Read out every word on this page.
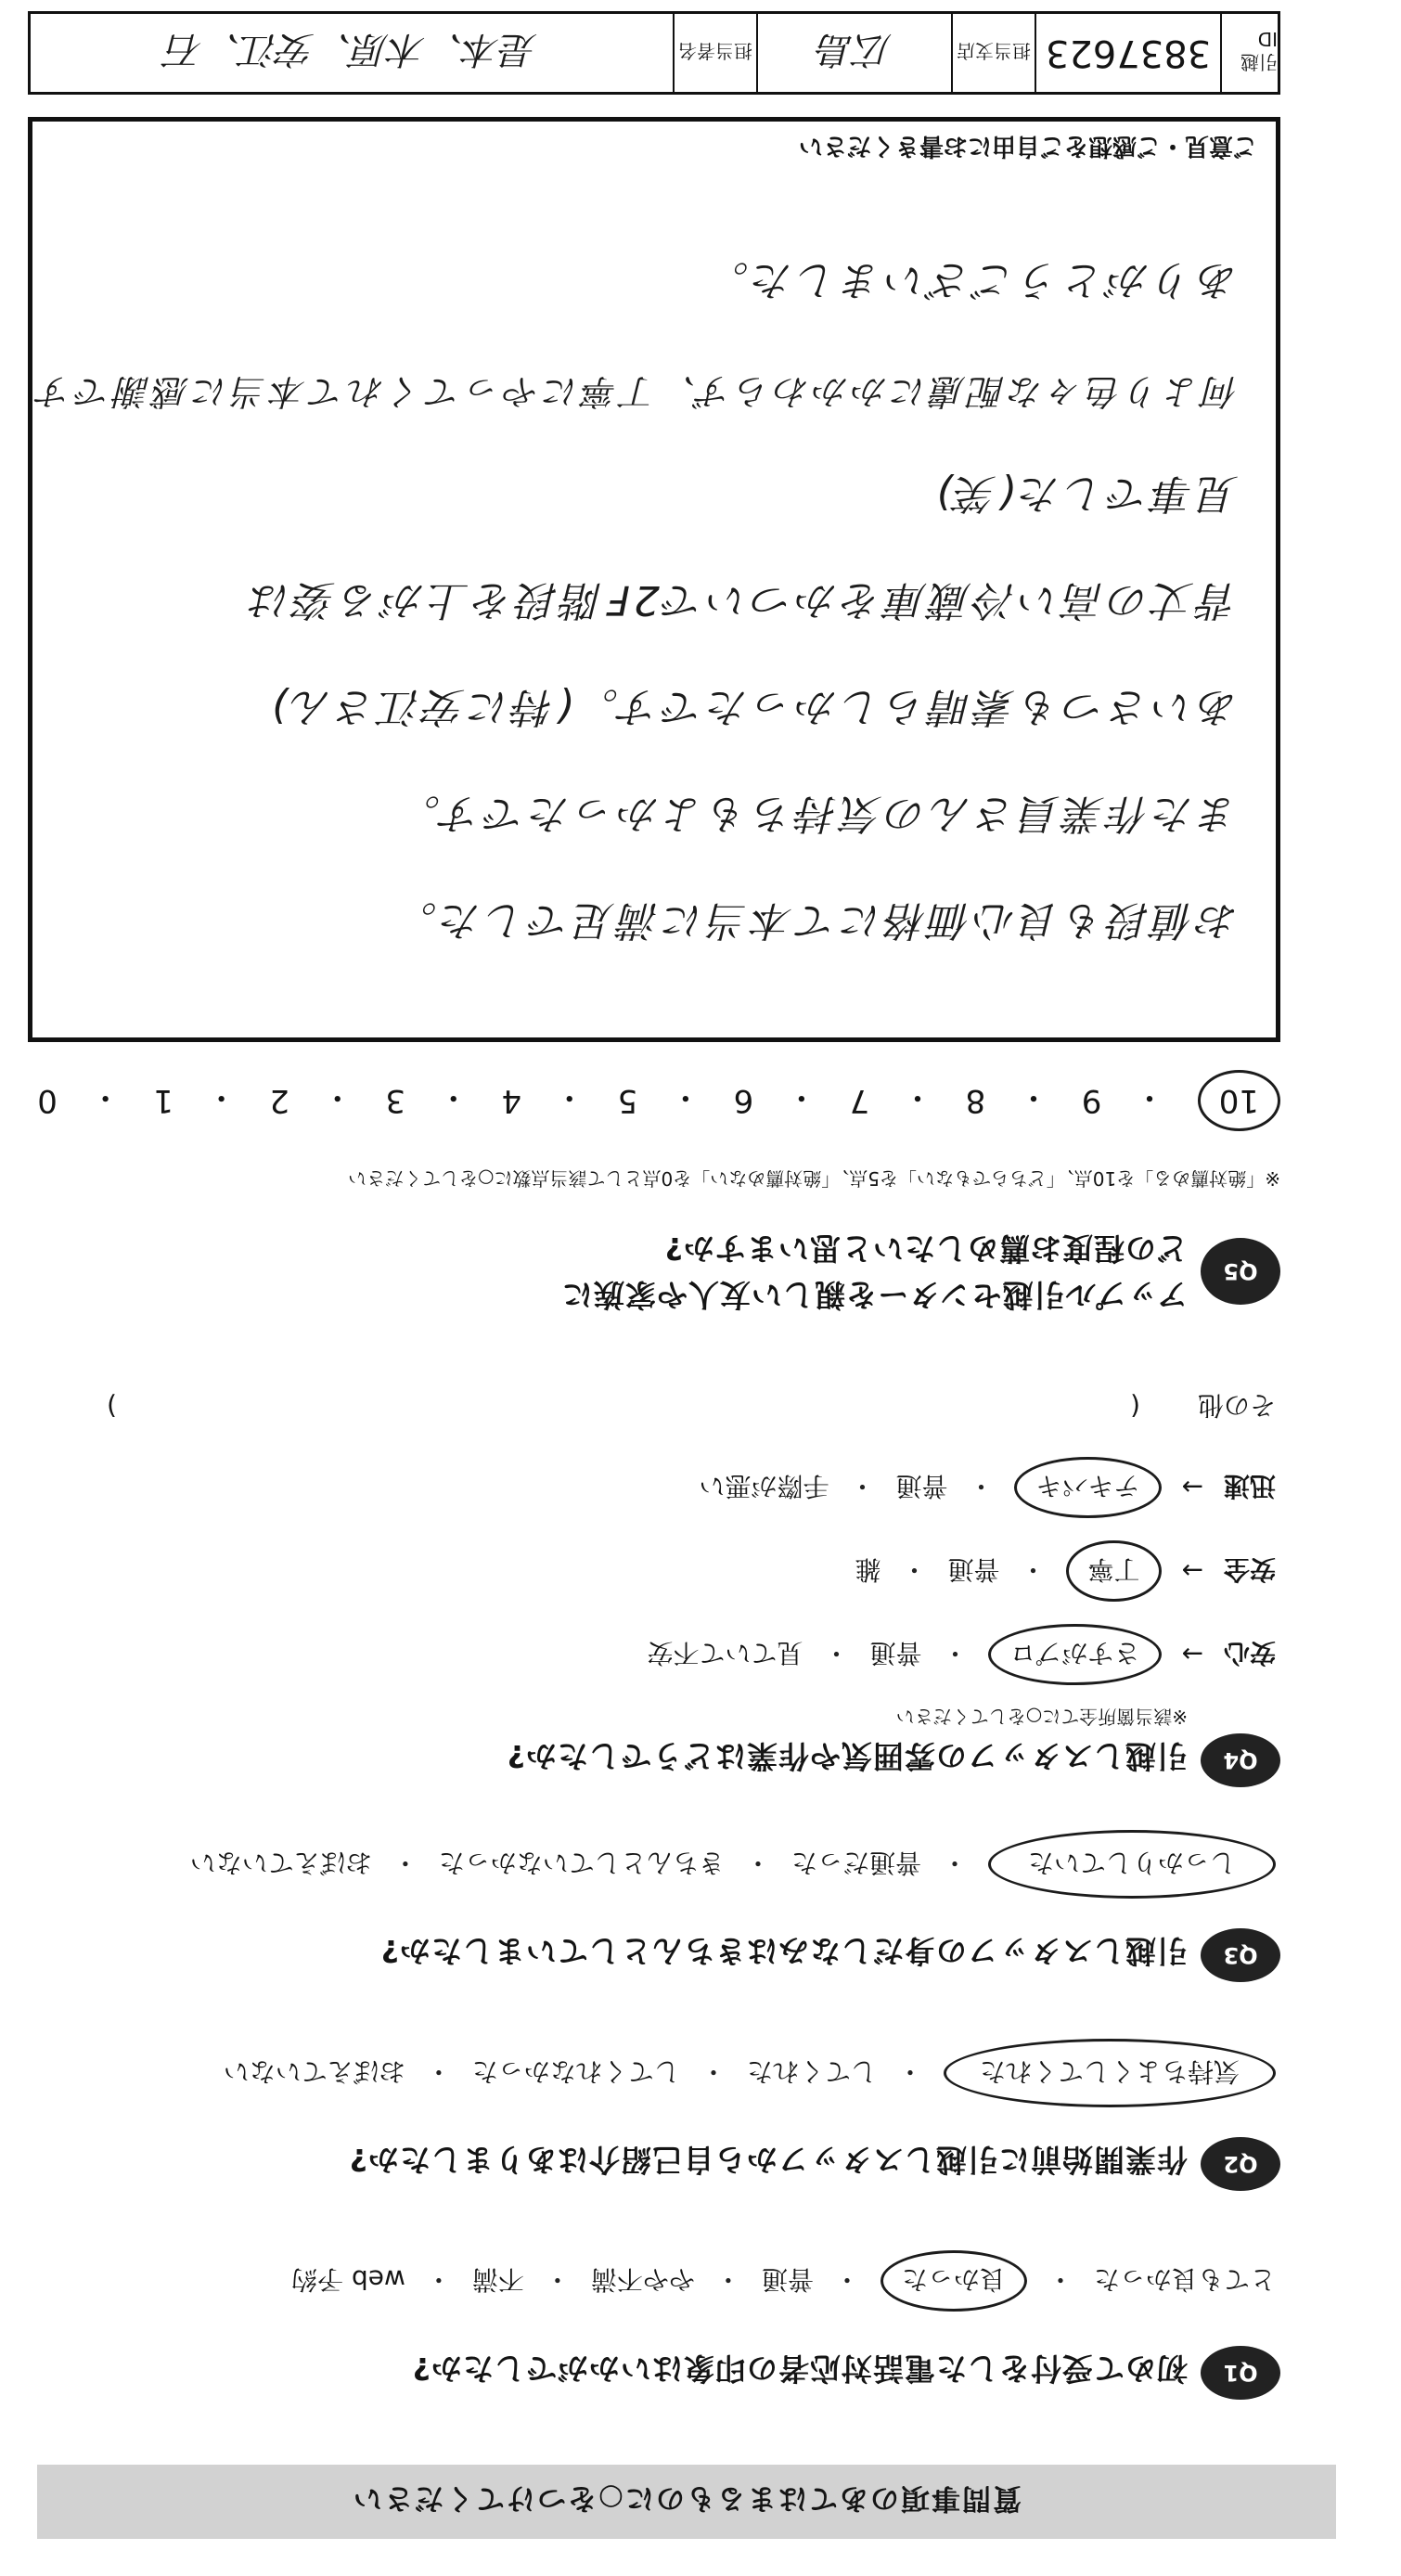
引越ID
3837623
担当支店
広島
担当者名
是本、木原、安江、石
お値段も良心価格にて本当に満足でした。
また作業員さんの気持ちもよかったです。
あいさつも素晴らしかったです。(特に安江さん)
背丈の高い冷蔵庫をかついで2F階段を上がる姿は
見事でした(笑)
何より色々な配慮にかかわらず、丁寧にやってくれて本当に感謝です
ありがとうございました。
ご意見・ご感想をご自由にお書きください
10
・
9
・
8
・
7
・
6
・
5
・
4
・
3
・
2
・
1
・
0
※「絶対薦める」を10点、「どちらでもない」を5点、「絶対薦めない」を0点として該当点数に○をしてください
Q5
アップル引越センターを親しい友人や家族に
どの程度お薦めしたいと思いますか?
その他
(
)
迅速
→
テキパキ
・
普通
・
手際が悪い
安全
→
丁寧
・
普通
・
雑
安心
→
さすがプロ
・
普通
・
見ていて不安
※該当箇所全てに○をしてください
Q4
引越しスタッフの雰囲気や作業はどうでしたか?
しっかりしていた
・
普通だった
・
きちんとしていなかった
・
おぼえていない
Q3
引越しスタッフの身だしなみはきちんとしていましたか?
気持ちよくしてくれた
・
してくれた
・
してくれなかった
・
おぼえていない
Q2
作業開始前に引越しスタッフから自己紹介はありましたか?
とても良かった
・
良かった
・
普通
・
やや不満
・
不満
・
web 予約
Q1
初めて受付をした電話対応者の印象はいかがでしたか?
質問事項のあてはまるものに○をつけてください
